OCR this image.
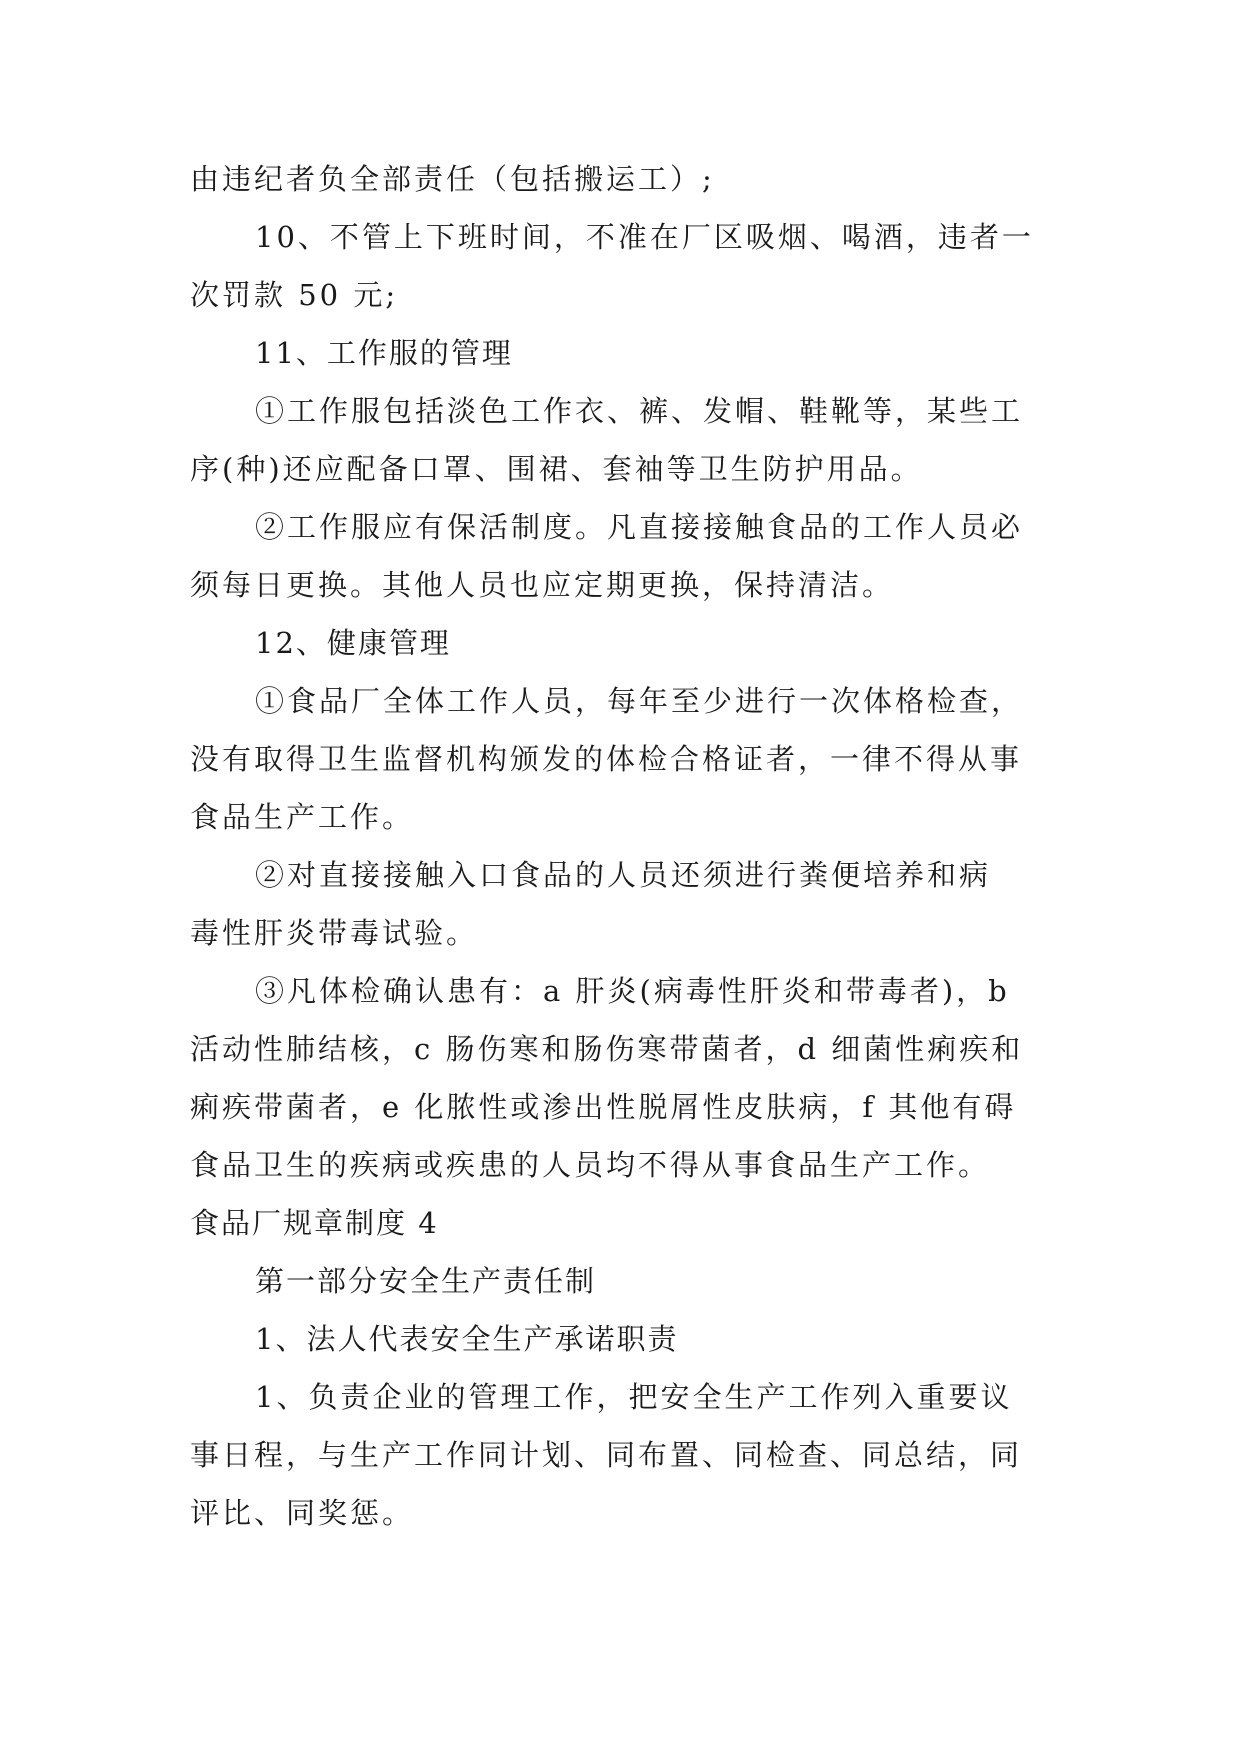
由违纪者负全部责任（包括搬运工）;
10、不管上下班时间，不准在厂区吸烟、喝酒，违者一
次罚款 50 元;
11、工作服的管理
①工作服包括淡色工作衣、裤、发帽、鞋靴等，某些工
序(种)还应配备口罩、围裙、套袖等卫生防护用品。
②工作服应有保活制度。凡直接接触食品的工作人员必
须每日更换。其他人员也应定期更换，保持清洁。
12、健康管理
①食品厂全体工作人员，每年至少进行一次体格检查，
没有取得卫生监督机构颁发的体检合格证者，一律不得从事
食品生产工作。
②对直接接触入口食品的人员还须进行粪便培养和病
毒性肝炎带毒试验。
③凡体检确认患有：a 肝炎(病毒性肝炎和带毒者)，b
活动性肺结核，c 肠伤寒和肠伤寒带菌者，d 细菌性痢疾和
痢疾带菌者，e 化脓性或渗出性脱屑性皮肤病，f 其他有碍
食品卫生的疾病或疾患的人员均不得从事食品生产工作。
食品厂规章制度 4
第一部分安全生产责任制
1、法人代表安全生产承诺职责
1、负责企业的管理工作，把安全生产工作列入重要议
事日程，与生产工作同计划、同布置、同检查、同总结，同
评比、同奖惩。
